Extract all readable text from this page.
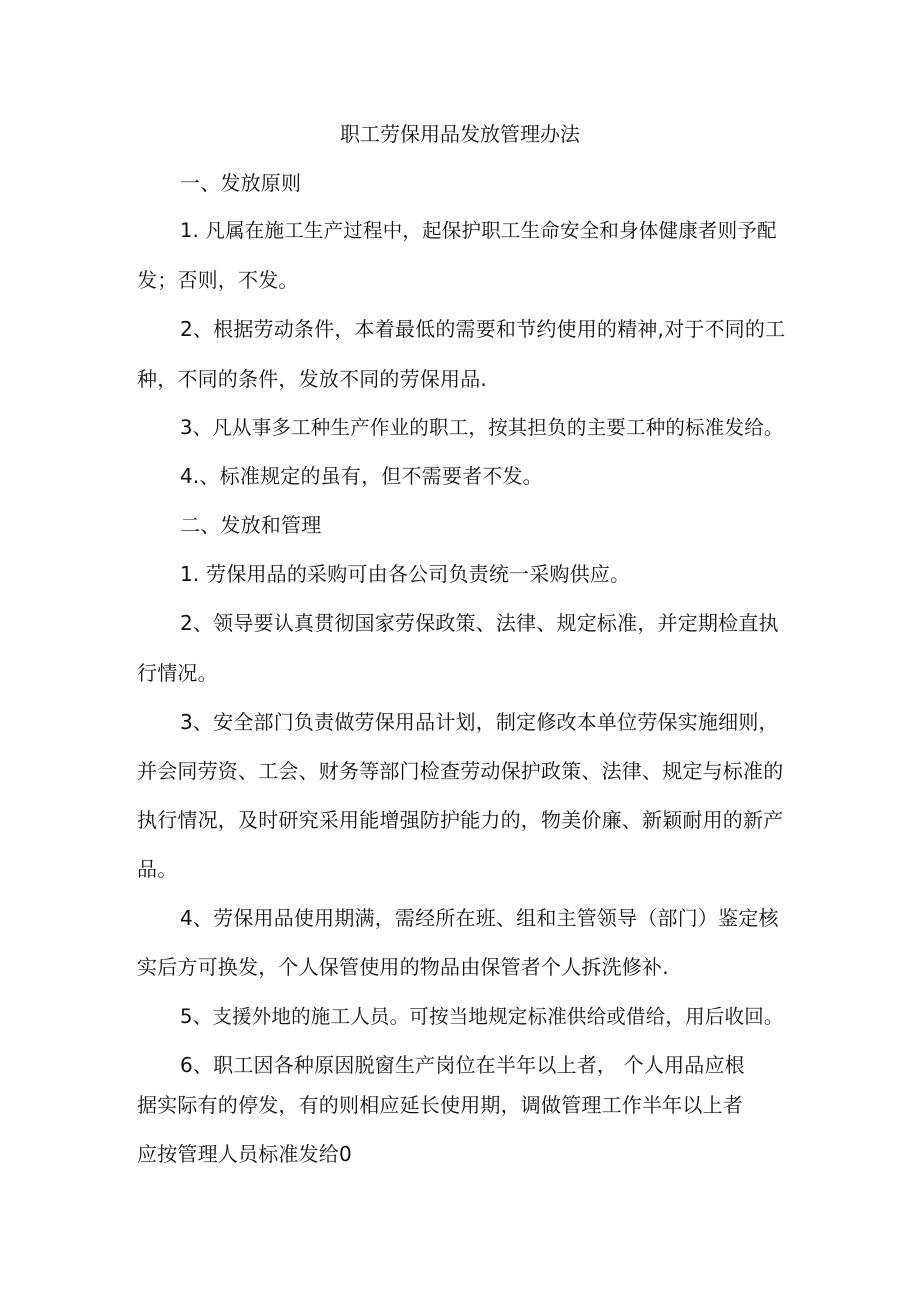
职工劳保用品发放管理办法
一、发放原则
1. 凡属在施工生产过程中，起保护职工生命安全和身体健康者则予配
发；否则，不发。
2、根据劳动条件，本着最低的需要和节约使用的精神,对于不同的工
种，不同的条件，发放不同的劳保用品.
3、凡从事多工种生产作业的职工，按其担负的主要工种的标准发给。
4.、标准规定的虽有，但不需要者不发。
二、发放和管理
1. 劳保用品的采购可由各公司负责统一采购供应。
2、领导要认真贯彻国家劳保政策、法律、规定标准，并定期检直执
行情况。
3、安全部门负责做劳保用品计划，制定修改本单位劳保实施细则，
并会同劳资、工会、财务等部门检查劳动保护政策、法律、规定与标准的
执行情况，及时研究采用能增强防护能力的，物美价廉、新颖耐用的新产
品。
4、劳保用品使用期满，需经所在班、组和主管领导（部门）鉴定核
实后方可换发，个人保管使用的物品由保管者个人拆洗修补.
5、支援外地的施工人员。可按当地规定标准供给或借给，用后收回。
6、职工因各种原因脱窗生产岗位在半年以上者， 个人用品应根
据实际有的停发，有的则相应延长使用期，调做管理工作半年以上者
应按管理人员标准发给0
